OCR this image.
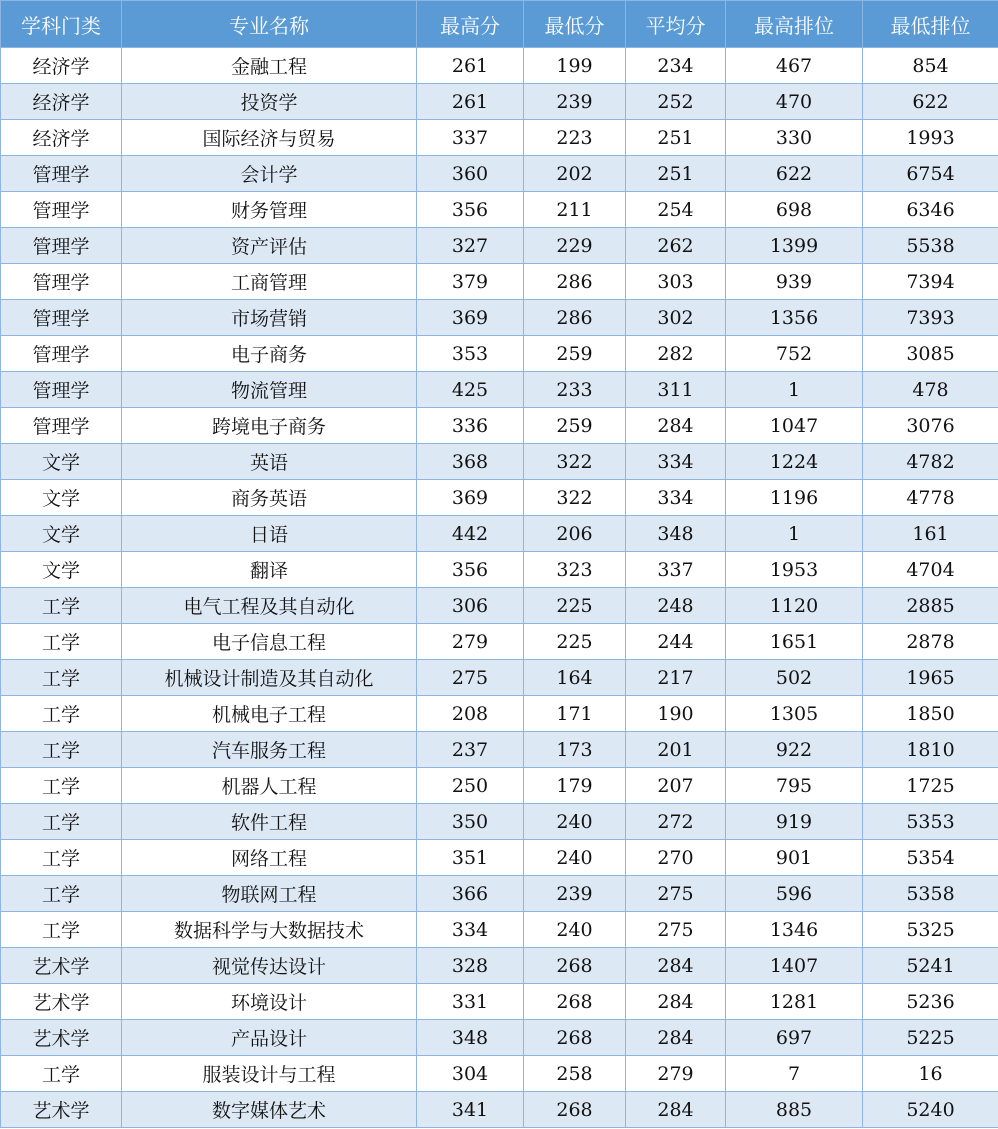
学科门类	专业名称	最高分	最低分	平均分	最高排位	最低排位
经济学	金融工程	261	199	234	467	854
经济学	投资学	261	239	252	470	622
经济学	国际经济与贸易	337	223	251	330	1993
管理学	会计学	360	202	251	622	6754
管理学	财务管理	356	211	254	698	6346
管理学	资产评估	327	229	262	1399	5538
管理学	工商管理	379	286	303	939	7394
管理学	市场营销	369	286	302	1356	7393
管理学	电子商务	353	259	282	752	3085
管理学	物流管理	425	233	311	1	478
管理学	跨境电子商务	336	259	284	1047	3076
文学	英语	368	322	334	1224	4782
文学	商务英语	369	322	334	1196	4778
文学	日语	442	206	348	1	161
文学	翻译	356	323	337	1953	4704
工学	电气工程及其自动化	306	225	248	1120	2885
工学	电子信息工程	279	225	244	1651	2878
工学	机械设计制造及其自动化	275	164	217	502	1965
工学	机械电子工程	208	171	190	1305	1850
工学	汽车服务工程	237	173	201	922	1810
工学	机器人工程	250	179	207	795	1725
工学	软件工程	350	240	272	919	5353
工学	网络工程	351	240	270	901	5354
工学	物联网工程	366	239	275	596	5358
工学	数据科学与大数据技术	334	240	275	1346	5325
艺术学	视觉传达设计	328	268	284	1407	5241
艺术学	环境设计	331	268	284	1281	5236
艺术学	产品设计	348	268	284	697	5225
工学	服装设计与工程	304	258	279	7	16
艺术学	数字媒体艺术	341	268	284	885	5240
